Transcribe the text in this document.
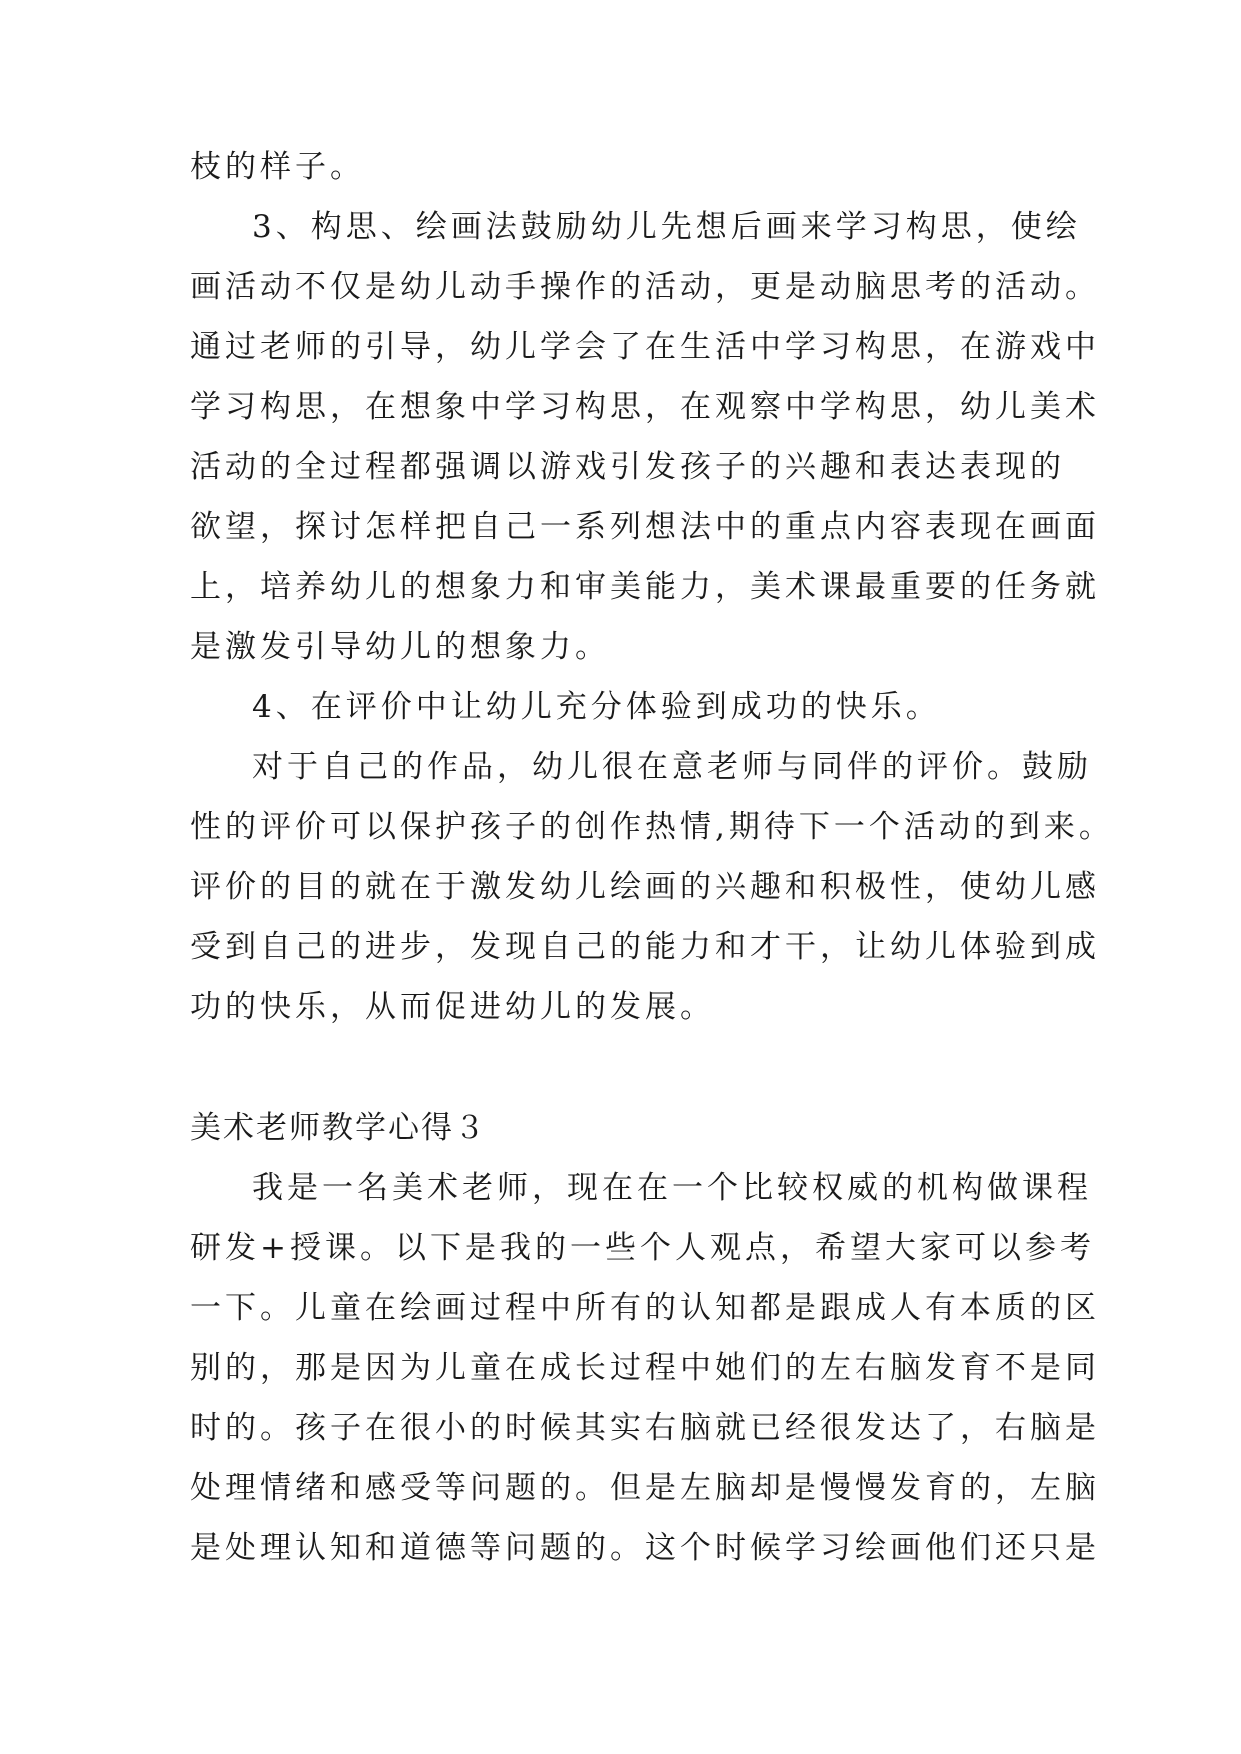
枝的样子。
3、构思、绘画法鼓励幼儿先想后画来学习构思，使绘
画活动不仅是幼儿动手操作的活动，更是动脑思考的活动。
通过老师的引导，幼儿学会了在生活中学习构思，在游戏中
学习构思，在想象中学习构思，在观察中学构思，幼儿美术
活动的全过程都强调以游戏引发孩子的兴趣和表达表现的
欲望，探讨怎样把自己一系列想法中的重点内容表现在画面
上，培养幼儿的想象力和审美能力，美术课最重要的任务就
是激发引导幼儿的想象力。
4、在评价中让幼儿充分体验到成功的快乐。
对于自己的作品，幼儿很在意老师与同伴的评价。鼓励
性的评价可以保护孩子的创作热情,期待下一个活动的到来。
评价的目的就在于激发幼儿绘画的兴趣和积极性，使幼儿感
受到自己的进步，发现自己的能力和才干，让幼儿体验到成
功的快乐，从而促进幼儿的发展。
美术老师教学心得３
我是一名美术老师，现在在一个比较权威的机构做课程
研发+授课。以下是我的一些个人观点，希望大家可以参考
一下。儿童在绘画过程中所有的认知都是跟成人有本质的区
别的，那是因为儿童在成长过程中她们的左右脑发育不是同
时的。孩子在很小的时候其实右脑就已经很发达了，右脑是
处理情绪和感受等问题的。但是左脑却是慢慢发育的，左脑
是处理认知和道德等问题的。这个时候学习绘画他们还只是
